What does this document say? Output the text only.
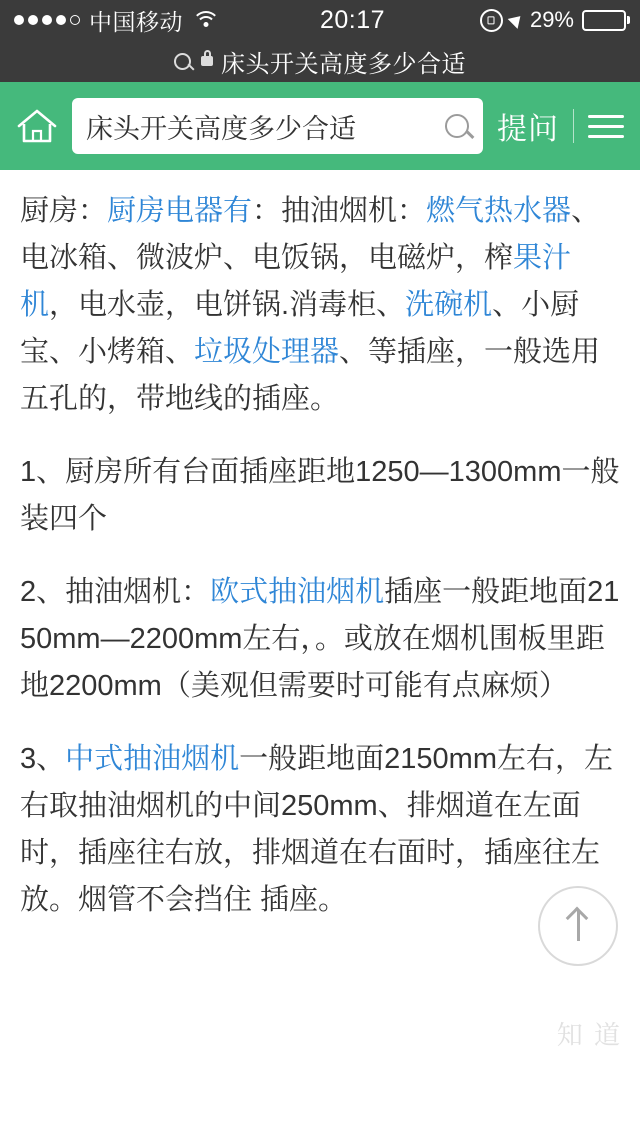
中国移动	20:17	29%
床头开关高度多少合适
床头开关高度多少合适	提问

厨房：厨房电器有：抽油烟机：燃气热水器、电冰箱、微波炉、电饭锅，电磁炉，榨果汁机，电水壶，电饼锅.消毒柜、洗碗机、小厨宝、小烤箱、垃圾处理器、等插座，一般选用五孔的，带地线的插座。

1、厨房所有台面插座距地1250—1300mm一般装四个

2、抽油烟机：欧式抽油烟机插座一般距地面2150mm—2200mm左右，。或放在烟机围板里距地2200mm（美观但需要时可能有点麻烦）

3、中式抽油烟机一般距地面2150mm左右，左右取抽油烟机的中间250mm、排烟道在左面时，插座往右放，排烟道在右面时，插座往左放。烟管不会挡住 插座。

知 道
